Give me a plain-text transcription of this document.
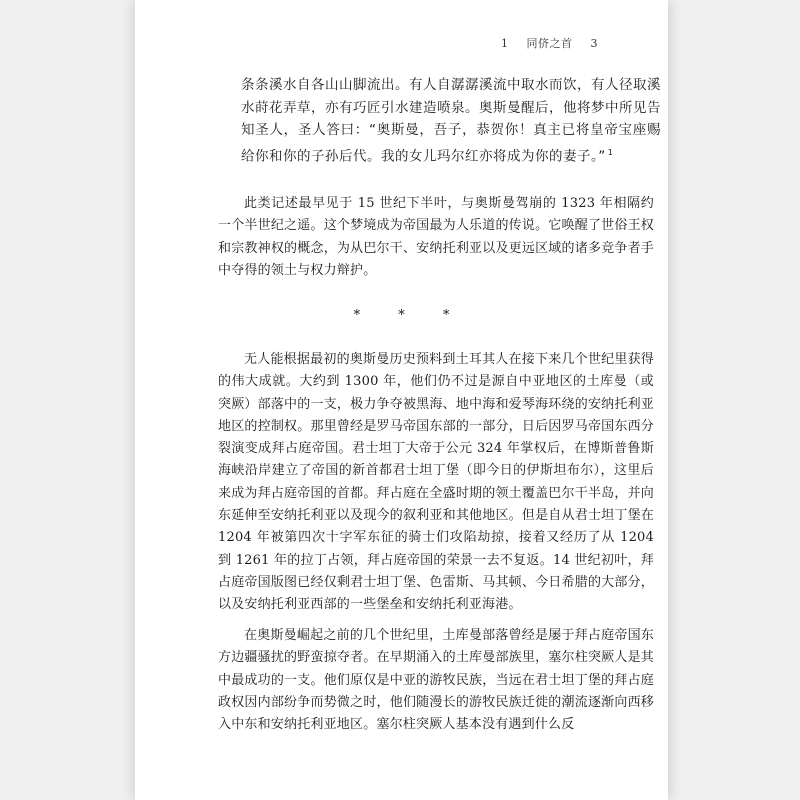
1 同侪之首 3
条条溪水自各山山脚流出。有人自潺潺溪流中取水而饮，有人径取溪水莳花弄草，亦有巧匠引水建造喷泉。奥斯曼醒后，他将梦中所见告知圣人，圣人答曰：“奥斯曼，吾子，恭贺你！真主已将皇帝宝座赐给你和你的子孙后代。我的女儿玛尔红亦将成为你的妻子。” $^1$

此类记述最早见于 15 世纪下半叶，与奥斯曼驾崩的 1323 年相隔约一个半世纪之遥。这个梦境成为帝国最为人乐道的传说。它唤醒了世俗王权和宗教神权的概念，为从巴尔干、安纳托利亚以及更远区域的诸多竞争者手中夺得的领土与权力辩护。

*	*	*

无人能根据最初的奥斯曼历史预料到土耳其人在接下来几个世纪里获得的伟大成就。大约到 1300 年，他们仍不过是源自中亚地区的土库曼（或突厥）部落中的一支，极力争夺被黑海、地中海和爱琴海环绕的安纳托利亚地区的控制权。那里曾经是罗马帝国东部的一部分，日后因罗马帝国东西分裂演变成拜占庭帝国。君士坦丁大帝于公元 324 年掌权后，在博斯普鲁斯海峡沿岸建立了帝国的新首都君士坦丁堡（即今日的伊斯坦布尔），这里后来成为拜占庭帝国的首都。拜占庭在全盛时期的领土覆盖巴尔干半岛，并向东延伸至安纳托利亚以及现今的叙利亚和其他地区。但是自从君士坦丁堡在 1204 年被第四次十字军东征的骑士们攻陷劫掠，接着又经历了从 1204 到 1261 年的拉丁占领，拜占庭帝国的荣景一去不复返。14 世纪初叶，拜占庭帝国版图已经仅剩君士坦丁堡、色雷斯、马其顿、今日希腊的大部分，以及安纳托利亚西部的一些堡垒和安纳托利亚海港。

在奥斯曼崛起之前的几个世纪里，土库曼部落曾经是屡于拜占庭帝国东方边疆骚扰的野蛮掠夺者。在早期涌入的土库曼部族里，塞尔柱突厥人是其中最成功的一支。他们原仅是中亚的游牧民族，当远在君士坦丁堡的拜占庭政权因内部纷争而势微之时，他们随漫长的游牧民族迁徙的潮流逐渐向西移入中东和安纳托利亚地区。塞尔柱突厥人基本没有遇到什么反
